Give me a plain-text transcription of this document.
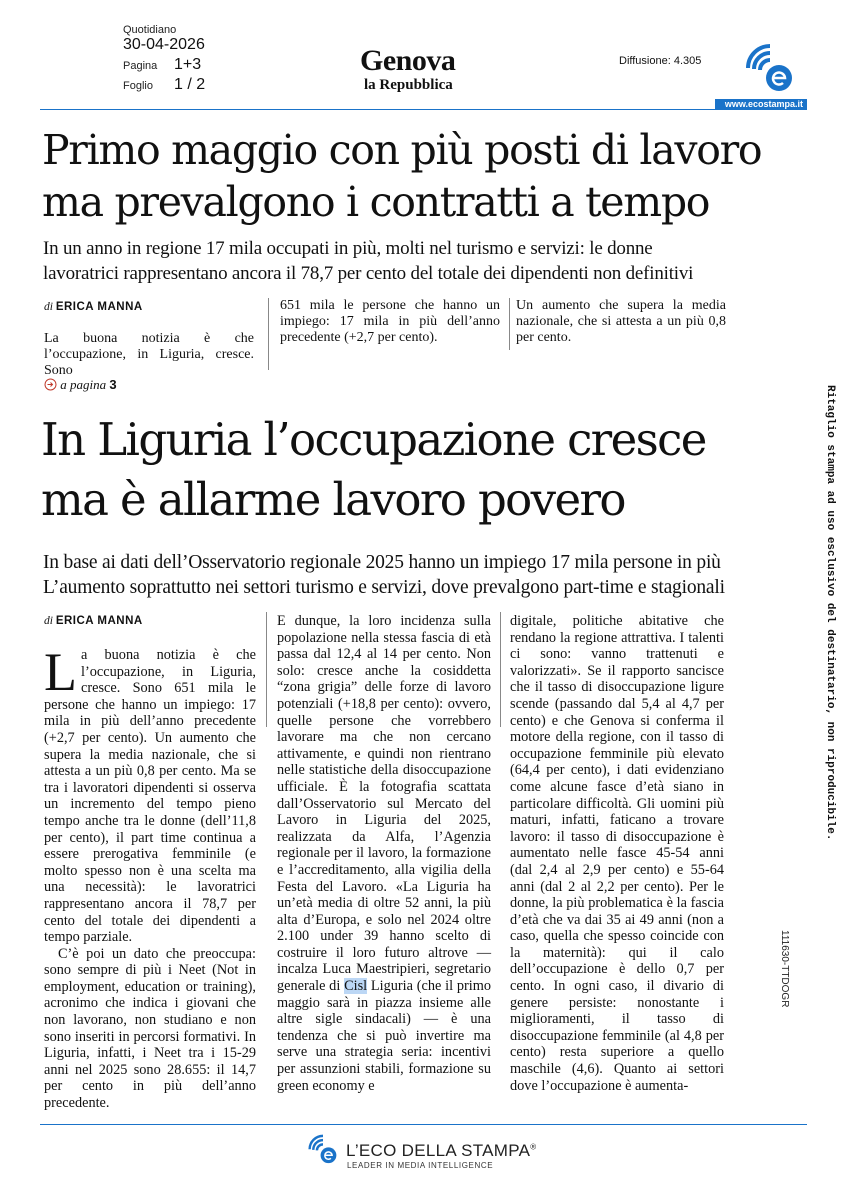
Quotidiano
30-04-2026
Pagina 1+3
Foglio 1 / 2
Genova
la Repubblica
Diffusione: 4.305
www.ecostampa.it
Primo maggio con più posti di lavoro
ma prevalgono i contratti a tempo
In un anno in regione 17 mila occupati in più, molti nel turismo e servizi: le donne
lavoratrici rappresentano ancora il 78,7 per cento del totale dei dipendenti non definitivi
di ERICA MANNA
La buona notizia è che l’occupazione, in Liguria, cresce. Sono
651 mila le persone che hanno un impiego: 17 mila in più dell’anno precedente (+2,7 per cento).
Un aumento che supera la media nazionale, che si attesta a un più 0,8 per cento.
a pagina 3
In Liguria l’occupazione cresce
ma è allarme lavoro povero
In base ai dati dell’Osservatorio regionale 2025 hanno un impiego 17 mila persone in più
L’aumento soprattutto nei settori turismo e servizi, dove prevalgono part-time e stagionali
di ERICA MANNA

La buona notizia è che l’occupazione, in Liguria, cresce. Sono 651 mila le persone che hanno un impiego: 17 mila in più dell’anno precedente (+2,7 per cento). Un aumento che supera la media nazionale, che si attesta a un più 0,8 per cento. Ma se tra i lavoratori dipendenti si osserva un incremento del tempo pieno tempo anche tra le donne (dell’11,8 per cento), il part time continua a essere prerogativa femminile (e molto spesso non è una scelta ma una necessità): le lavoratrici rappresentano ancora il 78,7 per cento del totale dei dipendenti a tempo parziale.

C’è poi un dato che preoccupa: sono sempre di più i Neet (Not in employment, education or training), acronimo che indica i giovani che non lavorano, non studiano e non sono inseriti in percorsi formativi. In Liguria, infatti, i Neet tra i 15-29 anni nel 2025 sono 28.655: il 14,7 per cento in più dell’anno precedente.

E dunque, la loro incidenza sulla popolazione nella stessa fascia di età passa dal 12,4 al 14 per cento. Non solo: cresce anche la cosiddetta “zona grigia” delle forze di lavoro potenziali (+18,8 per cento): ovvero, quelle persone che vorrebbero lavorare ma che non cercano attivamente, e quindi non rientrano nelle statistiche della disoccupazione ufficiale. È la fotografia scattata dall’Osservatorio sul Mercato del Lavoro in Liguria del 2025, realizzata da Alfa, l’Agenzia regionale per il lavoro, la formazione e l’accreditamento, alla vigilia della Festa del Lavoro. «La Liguria ha un’età media di oltre 52 anni, la più alta d’Europa, e solo nel 2024 oltre 2.100 under 39 hanno scelto di costruire il loro futuro altrove — incalza Luca Maestripieri, segretario generale di Cisl Liguria (che il primo maggio sarà in piazza insieme alle altre sigle sindacali) — è una tendenza che si può invertire ma serve una strategia seria: incentivi per assunzioni stabili, formazione su green economy e

digitale, politiche abitative che rendano la regione attrattiva. I talenti ci sono: vanno trattenuti e valorizzati». Se il rapporto sancisce che il tasso di disoccupazione ligure scende (passando dal 5,4 al 4,7 per cento) e che Genova si conferma il motore della regione, con il tasso di occupazione femminile più elevato (64,4 per cento), i dati evidenziano come alcune fasce d’età siano in particolare difficoltà. Gli uomini più maturi, infatti, faticano a trovare lavoro: il tasso di disoccupazione è aumentato nelle fasce 45-54 anni (dal 2,4 al 2,9 per cento) e 55-64 anni (dal 2 al 2,2 per cento). Per le donne, la più problematica è la fascia d’età che va dai 35 ai 49 anni (non a caso, quella che spesso coincide con la maternità): qui il calo dell’occupazione è dello 0,7 per cento. In ogni caso, il divario di genere persiste: nonostante i miglioramenti, il tasso di disoccupazione femminile (al 4,8 per cento) resta superiore a quello maschile (4,6). Quanto ai settori dove l’occupazione è aumenta-

Ritaglio stampa ad uso esclusivo del destinatario, non riproducibile.
111630-TTDOGR
L’ECO DELLA STAMPA®
LEADER IN MEDIA INTELLIGENCE
